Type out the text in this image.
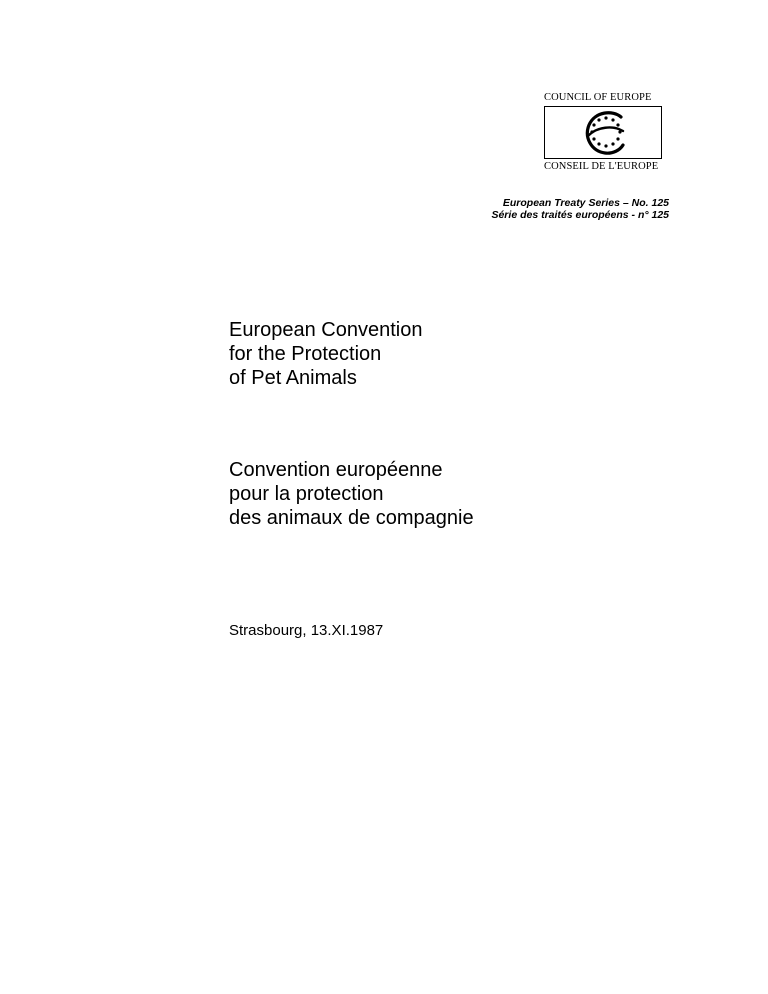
COUNCIL OF EUROPE
CONSEIL DE L'EUROPE
European Treaty Series – No. 125
Série des traités européens - n° 125
European Convention
for the Protection
of Pet Animals
Convention européenne
pour la protection
des animaux de compagnie
Strasbourg, 13.XI.1987
